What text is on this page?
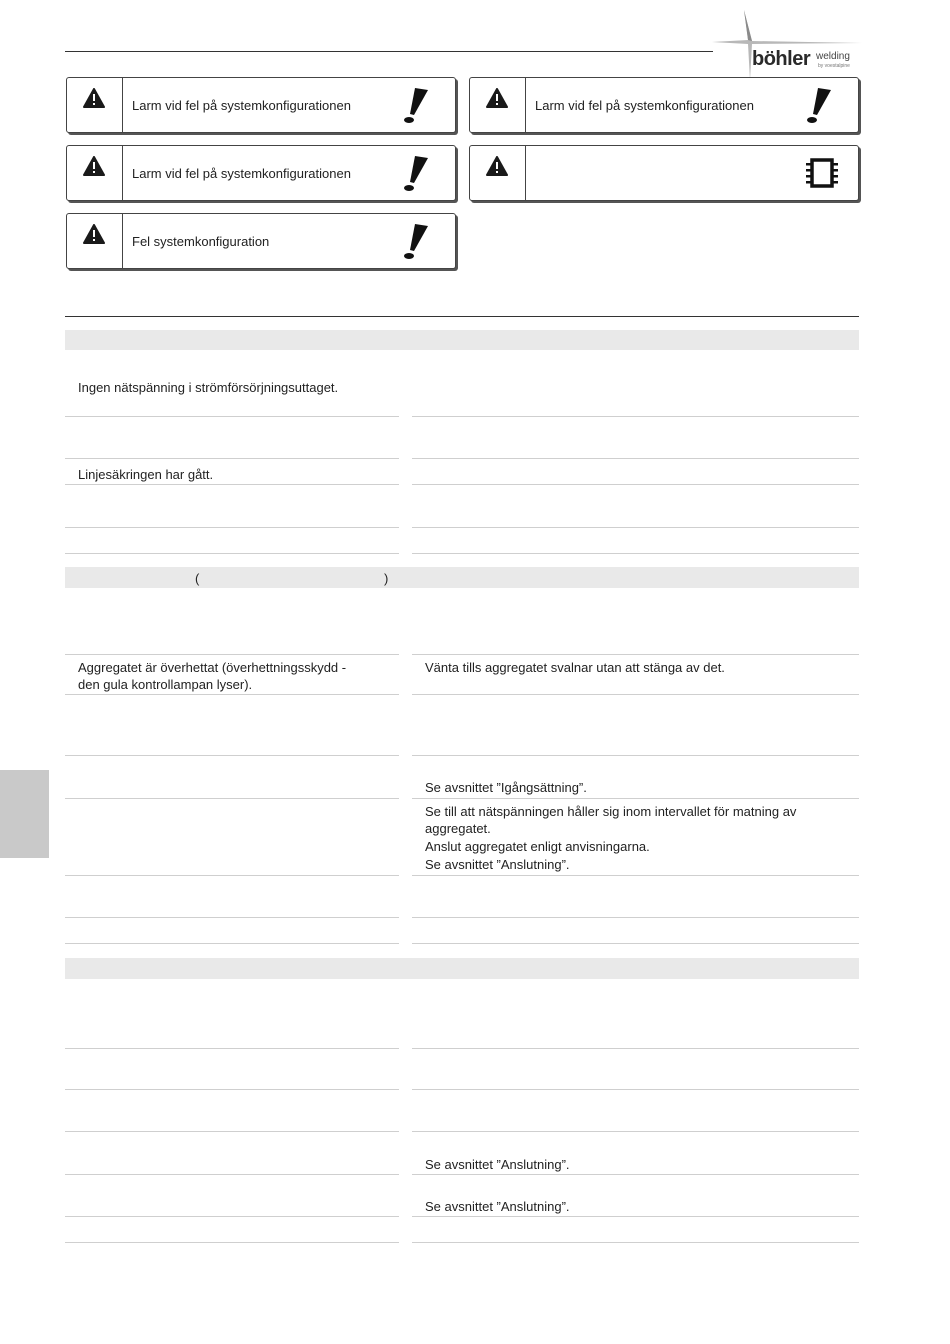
böhler welding
by voestalpine
Larm vid fel på systemkonfigurationen	Larm vid fel på systemkonfigurationen
Larm vid fel på systemkonfigurationen
Fel systemkonfiguration
Ingen nätspänning i strömförsörjningsuttaget.
Linjesäkringen har gått.
(	)
Aggregatet är överhettat (överhettningsskydd -
den gula kontrollampan lyser).
Vänta tills aggregatet svalnar utan att stänga av det.
Se avsnittet ”Igångsättning”.
Se till att nätspänningen håller sig inom intervallet för matning av
aggregatet.
Anslut aggregatet enligt anvisningarna.
Se avsnittet ”Anslutning”.
Se avsnittet ”Anslutning”.
Se avsnittet ”Anslutning”.
